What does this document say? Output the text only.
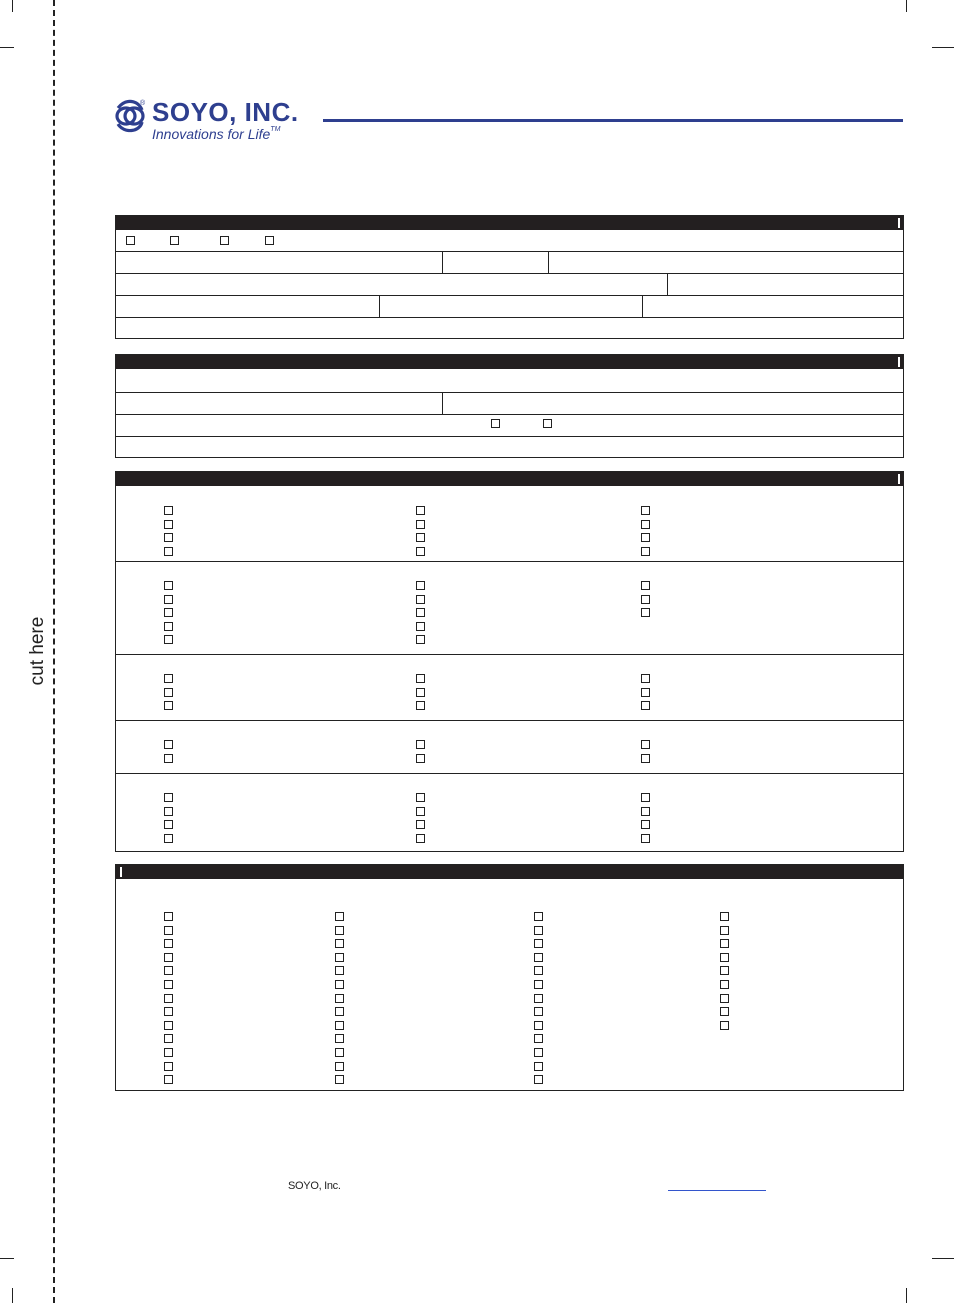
cut here
® SOYO, INC.
Innovations for Life™
SOYO, Inc.
